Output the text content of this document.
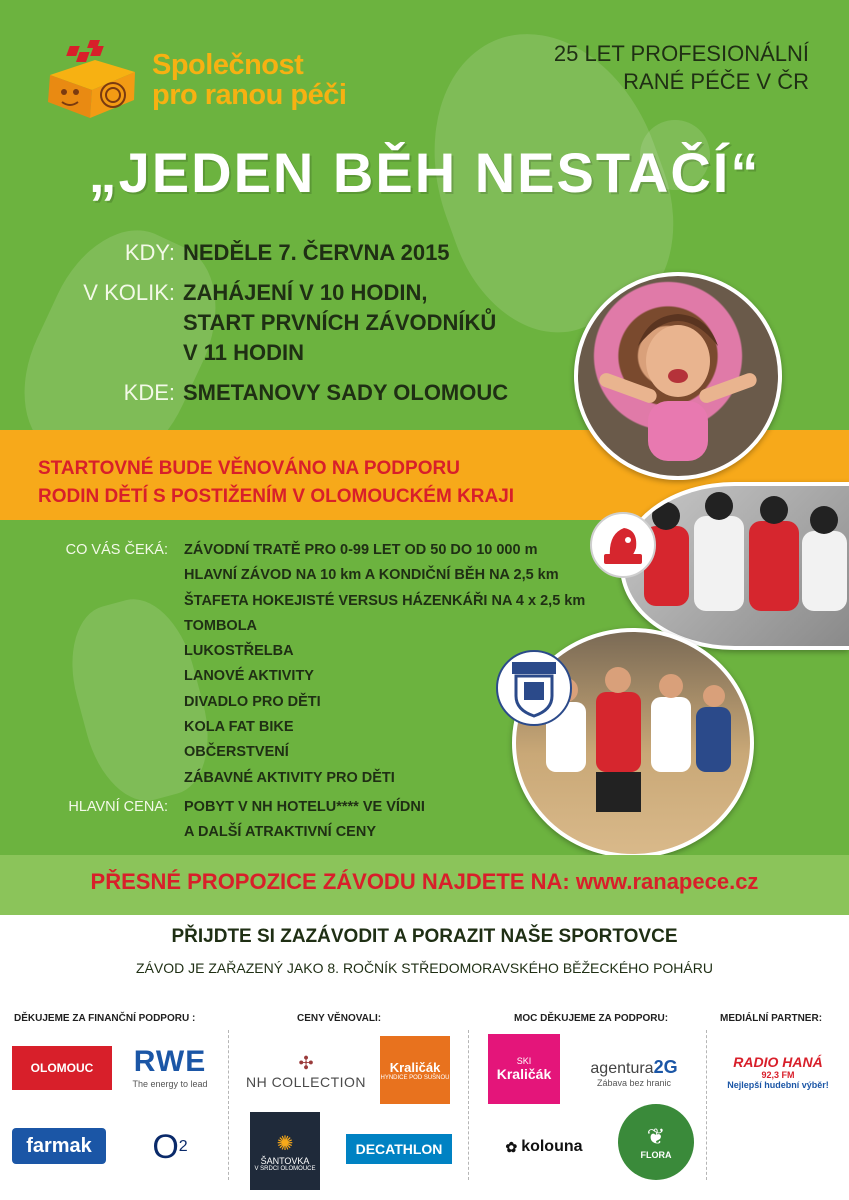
Společnost
pro ranou péči
25 LET PROFESIONÁLNÍ
RANÉ PÉČE V ČR
„JEDEN BĚH NESTAČÍ“
KDY: NEDĚLE 7. ČERVNA 2015
V KOLIK: ZAHÁJENÍ V 10 HODIN,
START PRVNÍCH ZÁVODNÍKŮ
V 11 HODIN
KDE: SMETANOVY SADY OLOMOUC
STARTOVNÉ BUDE VĚNOVÁNO NA PODPORU
RODIN DĚTÍ S POSTIŽENÍM V OLOMOUCKÉM KRAJI
CO VÁS ČEKÁ:	ZÁVODNÍ TRATĚ PRO 0-99 LET OD 50 DO 10 000 m
HLAVNÍ ZÁVOD NA 10 km A KONDIČNÍ BĚH NA 2,5 km
ŠTAFETA HOKEJISTÉ VERSUS HÁZENKÁŘI NA 4 x 2,5 km
TOMBOLA
LUKOSTŘELBA
LANOVÉ AKTIVITY
DIVADLO PRO DĚTI
KOLA FAT BIKE
OBČERSTVENÍ
ZÁBAVNÉ AKTIVITY PRO DĚTI
HLAVNÍ CENA:	POBYT V NH HOTELU**** VE VÍDNI
A DALŠÍ ATRAKTIVNÍ CENY
PŘESNÉ PROPOZICE ZÁVODU NAJDETE NA: www.ranapece.cz
PŘIJDTE SI ZAZÁVODIT A PORAZIT NAŠE SPORTOVCE
ZÁVOD JE ZAŘAZENÝ JAKO 8. ROČNÍK STŘEDOMORAVSKÉHO BĚŽECKÉHO POHÁRU
DĚKUJEME ZA FINANČNÍ PODPORU :	CENY VĚNOVALI:	MOC DĚKUJEME ZA PODPORU:	MEDIÁLNÍ PARTNER:
OLOMOUC RWE
The energy to lead
farmak O 2
✣
NH COLLECTION
Kraličák
HYNDICE POD SUŠNOU
✺
ŠANTOVKA
V SRDCI OLOMOUCE
DECATHLON
SKI
Kraličák agentura2G
Zábava bez hranic
✿ kolouna	❦
FLORA
RADIO HANÁ
92,3 FM
Nejlepší hudební výběr!
